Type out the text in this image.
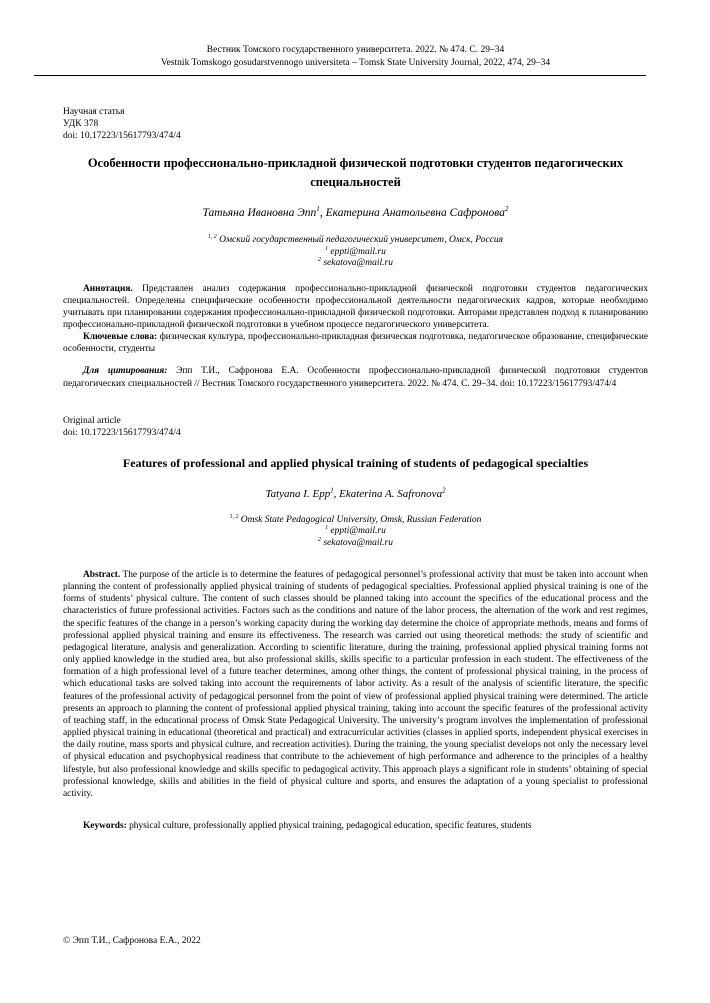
Вестник Томского государственного университета. 2022. № 474. С. 29–34

Vestnik Tomskogo gosudarstvennogo universiteta – Tomsk State University Journal, 2022, 474, 29–34

Научная статья

УДК 378

doi: 10.17223/15617793/474/4

Особенности профессионально-прикладной физической подготовки студентов педагогических специальностей

Татьяна Ивановна Эпп$^1$, Екатерина Анатольевна Сафронова$^2$

$^{1, 2}$ Омский государственный педагогический университет, Омск, Россия

$^1$ eppti@mail.ru

$^2$ sekatova@mail.ru

Аннотация. Представлен анализ содержания профессионально-прикладной физической подготовки студентов педагогических специальностей. Определены специфические особенности профессиональной деятельности педагогических кадров, которые необходимо учитывать при планировании содержания профессионально-прикладной физической подготовки. Авторами представлен подход к планированию профессионально-прикладной физической подготовки в учебном процессе педагогического университета.

Ключевые слова: физическая культура, профессионально-прикладная физическая подготовка, педагогическое образование, специфические особенности, студенты

Для цитирования: Эпп Т.И., Сафронова Е.А. Особенности профессионально-прикладной физической подготовки студентов педагогических специальностей // Вестник Томского государственного университета. 2022. № 474. С. 29–34. doi: 10.17223/15617793/474/4

Original article

doi: 10.17223/15617793/474/4

Features of professional and applied physical training of students of pedagogical specialties

Tatyana I. Epp$^1$, Ekaterina A. Safronova$^2$

$^{1, 2}$ Omsk State Pedagogical University, Omsk, Russian Federation

$^1$ eppti@mail.ru

$^2$ sekatova@mail.ru

Abstract. The purpose of the article is to determine the features of pedagogical personnel’s professional activity that must be taken into account when planning the content of professionally applied physical training of students of pedagogical specialties. Professional applied physical training is one of the forms of students’ physical culture. The content of such classes should be planned taking into account the specifics of the educational process and the characteristics of future professional activities. Factors such as the conditions and nature of the labor process, the alternation of the work and rest regimes, the specific features of the change in a person’s working capacity during the working day determine the choice of appropriate methods, means and forms of professional applied physical training and ensure its effectiveness. The research was carried out using theoretical methods: the study of scientific and pedagogical literature, analysis and generalization. According to scientific literature, during the training, professional applied physical training forms not only applied knowledge in the studied area, but also professional skills, skills specific to a particular profession in each student. The effectiveness of the formation of a high professional level of a future teacher determines, among other things, the content of professional physical training, in the process of which educational tasks are solved taking into account the requirements of labor activity. As a result of the analysis of scientific literature, the specific features of the professional activity of pedagogical personnel from the point of view of professional applied physical training were determined. The article presents an approach to planning the content of professional applied physical training, taking into account the specific features of the professional activity of teaching staff, in the educational process of Omsk State Pedagogical University. The university’s program involves the implementation of professional applied physical training in educational (theoretical and practical) and extracurricular activities (classes in applied sports, independent physical exercises in the daily routine, mass sports and physical culture, and recreation activities). During the training, the young specialist develops not only the necessary level of physical education and psychophysical readiness that contribute to the achievement of high performance and adherence to the principles of a healthy lifestyle, but also professional knowledge and skills specific to pedagogical activity. This approach plays a significant role in students’ obtaining of special professional knowledge, skills and abilities in the field of physical culture and sports, and ensures the adaptation of a young specialist to professional activity.

Keywords: physical culture, professionally applied physical training, pedagogical education, specific features, students

© Эпп Т.И., Сафронова Е.А., 2022
